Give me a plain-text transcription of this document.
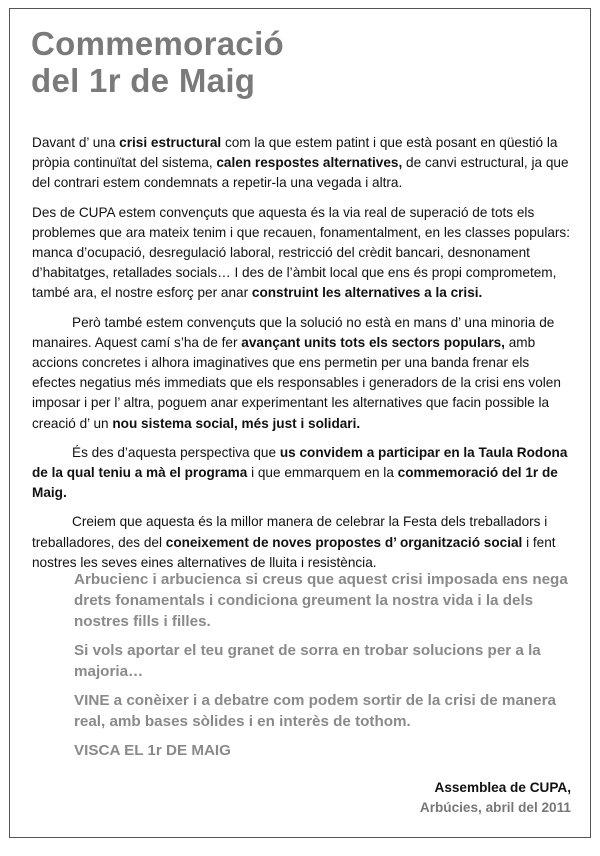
Commemoració
del 1r de Maig

Davant d’ una crisi estructural com la que estem patint i que està posant en qüestió la pròpia continuïtat del sistema, calen respostes alternatives, de canvi estructural, ja que del contrari estem condemnats a repetir-la una vegada i altra.

Des de CUPA estem convençuts que aquesta és la via real de superació de tots els problemes que ara mateix tenim i que recauen, fonamentalment, en les classes populars: manca d’ocupació, desregulació laboral, restricció del crèdit bancari, desnonament d’habitatges, retallades socials… I des de l’àmbit local que ens és propi comprometem, també ara, el nostre esforç per anar construint les alternatives a la crisi.

Però també estem convençuts que la solució no està en mans d’ una minoria de manaires. Aquest camí s’ha de fer avançant units tots els sectors populars, amb accions concretes i alhora imaginatives que ens permetin per una banda frenar els efectes negatius més immediats que els responsables i generadors de la crisi ens volen imposar i per l’ altra, poguem anar experimentant les alternatives que facin possible la creació d’ un nou sistema social, més just i solidari.

És des d’aquesta perspectiva que us convidem a participar en la Taula Rodona de la qual teniu a mà el programa i que emmarquem en la commemoració del 1r de Maig.

Creiem que aquesta és la millor manera de celebrar la Festa dels treballadors i treballadores, des del coneixement de noves propostes d’ organització social i fent nostres les seves eines alternatives de lluita i resistència.

Arbucienc i arbucienca si creus que aquest crisi imposada ens nega drets fonamentals i condiciona greument la nostra vida i la dels nostres fills i filles.

Si vols aportar el teu granet de sorra en trobar solucions per a la majoria…

VINE a conèixer i a debatre com podem sortir de la crisi de manera real, amb bases sòlides i en interès de tothom.

VISCA EL 1r DE MAIG

Assemblea de CUPA,
Arbúcies, abril del 2011
